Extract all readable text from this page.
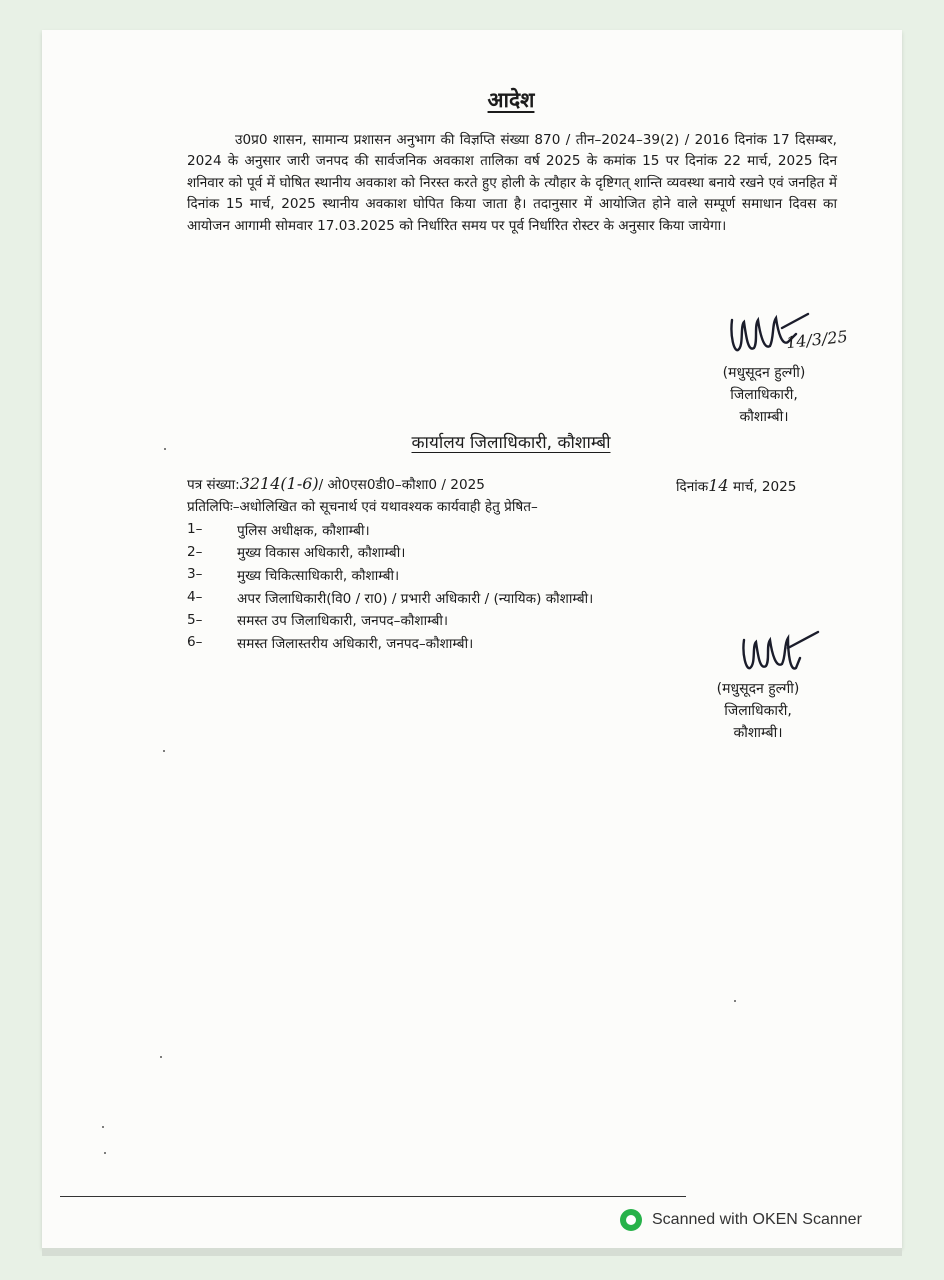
आदेश
उ0प्र0 शासन, सामान्य प्रशासन अनुभाग की विज्ञप्ति संख्या 870 / तीन–2024–39(2) / 2016 दिनांक 17 दिसम्बर, 2024 के अनुसार जारी जनपद की सार्वजनिक अवकाश तालिका वर्ष 2025 के कमांक 15 पर दिनांक 22 मार्च, 2025 दिन शनिवार को पूर्व में घोषित स्थानीय अवकाश को निरस्त करते हुए होली के त्यौहार के दृष्टिगत् शान्ति व्यवस्था बनाये रखने एवं जनहित में दिनांक 15 मार्च, 2025 स्थानीय अवकाश घोपित किया जाता है। तदानुसार में आयोजित होने वाले सम्पूर्ण समाधान दिवस का आयोजन आगामी सोमवार 17.03.2025 को निर्धारित समय पर पूर्व निर्धारित रोस्टर के अनुसार किया जायेगा।
14/3/25
(मधुसूदन हुल्गी)
जिलाधिकारी,
कौशाम्बी।
कार्यालय जिलाधिकारी, कौशाम्बी
पत्र संख्या:3214(1-6)/ ओ0एस0डी0–कौशा0 / 2025	दिनांक14 मार्च, 2025
प्रतिलिपिः–अधोलिखित को सूचनार्थ एवं यथावश्यक कार्यवाही हेतु प्रेषित–
1–	पुलिस अधीक्षक, कौशाम्बी।
2–	मुख्य विकास अधिकारी, कौशाम्बी।
3–	मुख्य चिकित्साधिकारी, कौशाम्बी।
4–	अपर जिलाधिकारी(वि0 / रा0) / प्रभारी अधिकारी / (न्यायिक) कौशाम्बी।
5–	समस्त उप जिलाधिकारी, जनपद–कौशाम्बी।
6–	समस्त जिलास्तरीय अधिकारी, जनपद–कौशाम्बी।
(मधुसूदन हुल्गी)
जिलाधिकारी,
कौशाम्बी।
Scanned with OKEN Scanner
